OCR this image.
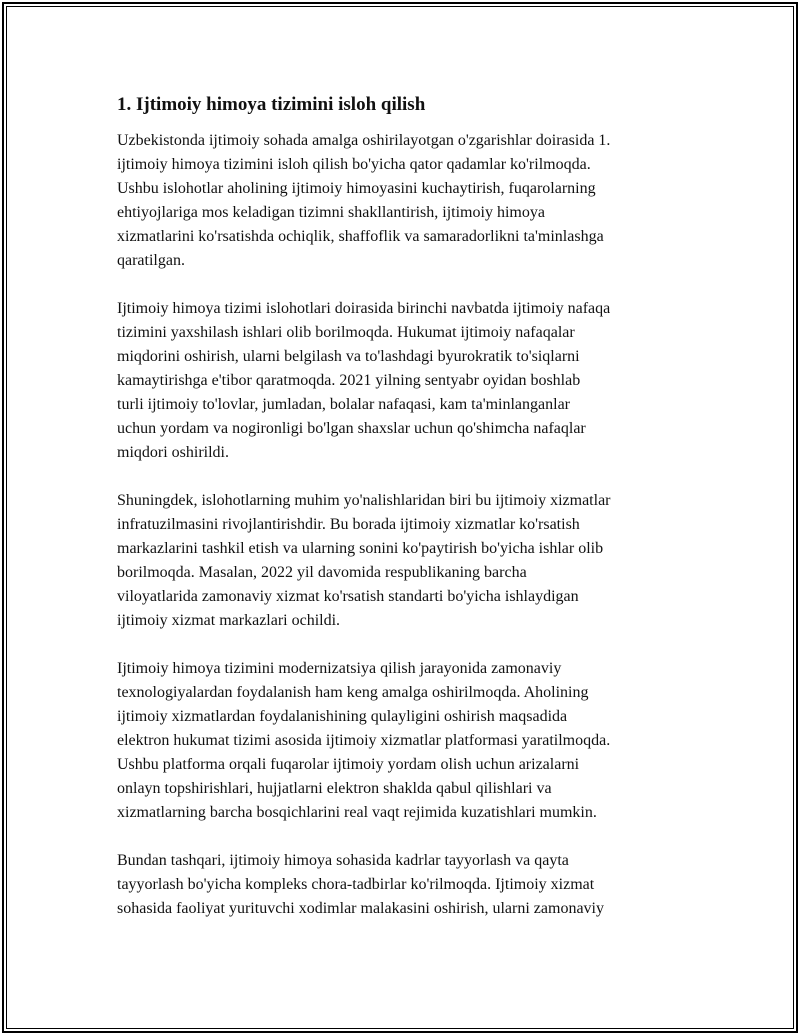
1. Ijtimoiy himoya tizimini isloh qilish

Uzbekistonda ijtimoiy sohada amalga oshirilayotgan o'zgarishlar doirasida 1.
ijtimoiy himoya tizimini isloh qilish bo'yicha qator qadamlar ko'rilmoqda.
Ushbu islohotlar aholining ijtimoiy himoyasini kuchaytirish, fuqarolarning
ehtiyojlariga mos keladigan tizimni shakllantirish, ijtimoiy himoya
xizmatlarini ko'rsatishda ochiqlik, shaffoflik va samaradorlikni ta'minlashga
qaratilgan.

Ijtimoiy himoya tizimi islohotlari doirasida birinchi navbatda ijtimoiy nafaqa
tizimini yaxshilash ishlari olib borilmoqda. Hukumat ijtimoiy nafaqalar
miqdorini oshirish, ularni belgilash va to'lashdagi byurokratik to'siqlarni
kamaytirishga e'tibor qaratmoqda. 2021 yilning sentyabr oyidan boshlab
turli ijtimoiy to'lovlar, jumladan, bolalar nafaqasi, kam ta'minlanganlar
uchun yordam va nogironligi bo'lgan shaxslar uchun qo'shimcha nafaqlar
miqdori oshirildi.

Shuningdek, islohotlarning muhim yo'nalishlaridan biri bu ijtimoiy xizmatlar
infratuzilmasini rivojlantirishdir. Bu borada ijtimoiy xizmatlar ko'rsatish
markazlarini tashkil etish va ularning sonini ko'paytirish bo'yicha ishlar olib
borilmoqda. Masalan, 2022 yil davomida respublikaning barcha
viloyatlarida zamonaviy xizmat ko'rsatish standarti bo'yicha ishlaydigan
ijtimoiy xizmat markazlari ochildi.

Ijtimoiy himoya tizimini modernizatsiya qilish jarayonida zamonaviy
texnologiyalardan foydalanish ham keng amalga oshirilmoqda. Aholining
ijtimoiy xizmatlardan foydalanishining qulayligini oshirish maqsadida
elektron hukumat tizimi asosida ijtimoiy xizmatlar platformasi yaratilmoqda.
Ushbu platforma orqali fuqarolar ijtimoiy yordam olish uchun arizalarni
onlayn topshirishlari, hujjatlarni elektron shaklda qabul qilishlari va
xizmatlarning barcha bosqichlarini real vaqt rejimida kuzatishlari mumkin.

Bundan tashqari, ijtimoiy himoya sohasida kadrlar tayyorlash va qayta
tayyorlash bo'yicha kompleks chora-tadbirlar ko'rilmoqda. Ijtimoiy xizmat
sohasida faoliyat yurituvchi xodimlar malakasini oshirish, ularni zamonaviy
